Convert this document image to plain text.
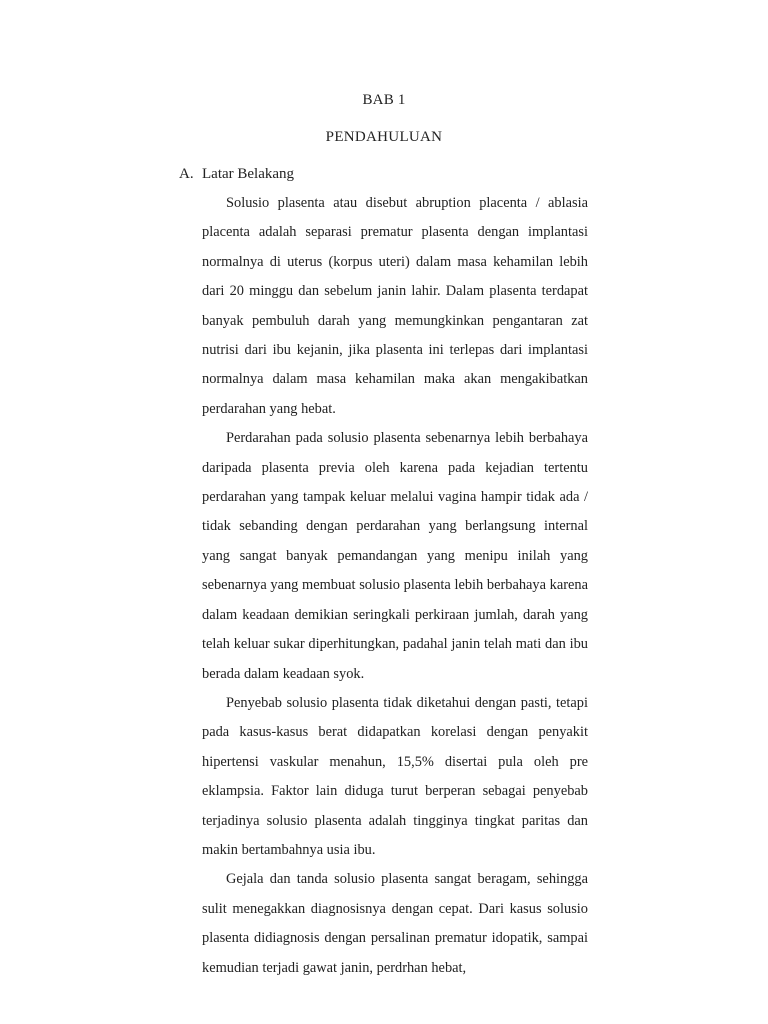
BAB 1
PENDAHULUAN
A. Latar Belakang

Solusio plasenta atau disebut abruption placenta / ablasia placenta adalah separasi prematur plasenta dengan implantasi normalnya di uterus (korpus uteri) dalam masa kehamilan lebih dari 20 minggu dan sebelum janin lahir. Dalam plasenta terdapat banyak pembuluh darah yang memungkinkan pengantaran zat nutrisi dari ibu kejanin, jika plasenta ini terlepas dari implantasi normalnya dalam masa kehamilan maka akan mengakibatkan perdarahan yang hebat.

Perdarahan pada solusio plasenta sebenarnya lebih berbahaya daripada plasenta previa oleh karena pada kejadian tertentu perdarahan yang tampak keluar melalui vagina hampir tidak ada / tidak sebanding dengan perdarahan yang berlangsung internal yang sangat banyak pemandangan yang menipu inilah yang sebenarnya yang membuat solusio plasenta lebih berbahaya karena dalam keadaan demikian seringkali perkiraan jumlah, darah yang telah keluar sukar diperhitungkan, padahal janin telah mati dan ibu berada dalam keadaan syok.

Penyebab solusio plasenta tidak diketahui dengan pasti, tetapi pada kasus-kasus berat didapatkan korelasi dengan penyakit hipertensi vaskular menahun, 15,5% disertai pula oleh pre eklampsia. Faktor lain diduga turut berperan sebagai penyebab terjadinya solusio plasenta adalah tingginya tingkat paritas dan makin bertambahnya usia ibu.

Gejala dan tanda solusio plasenta sangat beragam, sehingga sulit menegakkan diagnosisnya dengan cepat. Dari kasus solusio plasenta didiagnosis dengan persalinan prematur idopatik, sampai kemudian terjadi gawat janin, perdrhan hebat,
